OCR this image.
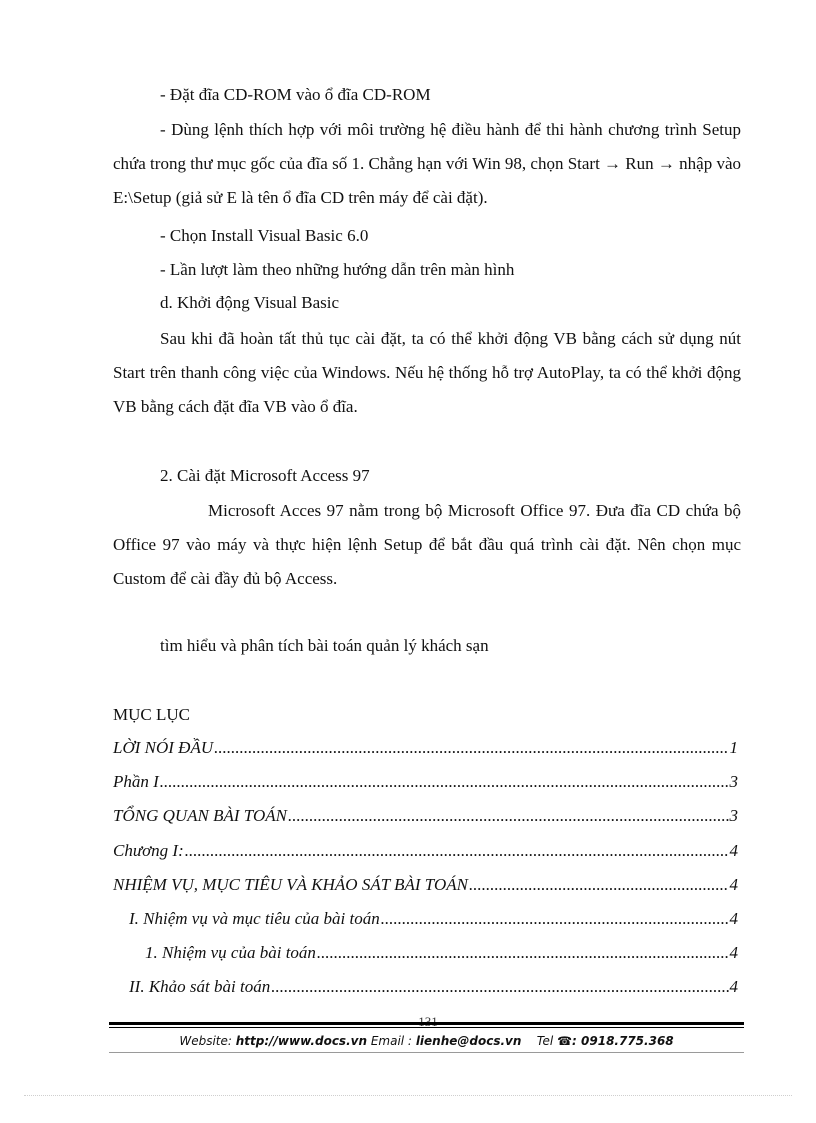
- Đặt đĩa CD-ROM vào ổ đĩa CD-ROM

- Dùng lệnh thích hợp với môi trường hệ điều hành để thi hành chương trình Setup chứa trong thư mục gốc của đĩa số 1. Chẳng hạn với Win 98, chọn Start → Run → nhập vào E:\Setup (giả sử E là tên ổ đĩa CD trên máy để cài đặt).

- Chọn Install Visual Basic 6.0
- Lần lượt làm theo những hướng dẫn trên màn hình
d. Khởi động Visual Basic

Sau khi đã hoàn tất thủ tục cài đặt, ta có thể khởi động VB bằng cách sử dụng nút Start trên thanh công việc của Windows. Nếu hệ thống hỗ trợ AutoPlay, ta có thể khởi động VB bằng cách đặt đĩa VB vào ổ đĩa.

2. Cài đặt Microsoft Access 97

Microsoft Acces 97 nằm trong bộ Microsoft Office 97. Đưa đĩa CD chứa bộ Office 97 vào máy và thực hiện lệnh Setup để bắt đầu quá trình cài đặt. Nên chọn mục Custom để cài đầy đủ bộ Access.

tìm hiểu và phân tích bài toán quản lý khách sạn
MỤC LỤC
LỜI NÓI ĐẦU .....	1
Phần I .....	3
TỔNG QUAN BÀI TOÁN .....	3
Chương I: .....	4
NHIỆM VỤ, MỤC TIÊU VÀ KHẢO SÁT BÀI TOÁN .....	4
I. Nhiệm vụ và mục tiêu của bài toán .....	4
1. Nhiệm vụ của bài toán .....	4
II. Khảo sát bài toán .....	4
Website: http://www.docs.vn Email : lienhe@docs.vn Tel ☎: 0918.775.368
